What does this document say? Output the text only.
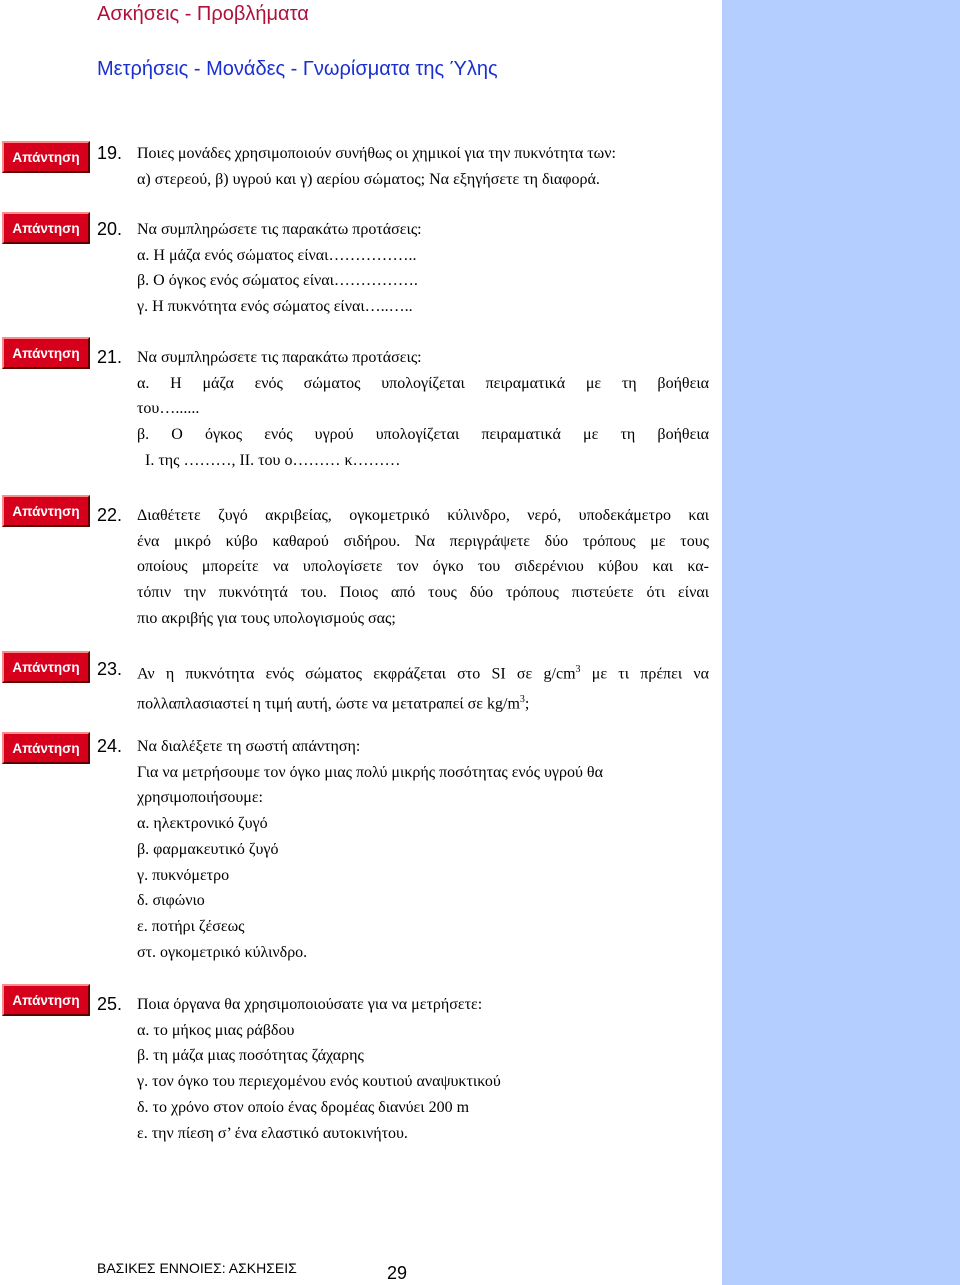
Ασκήσεις - Προβλήματα
Μετρήσεις - Μονάδες - Γνωρίσματα της Ύλης
Απάντηση
Απάντηση
Απάντηση
Απάντηση
Απάντηση
Απάντηση
Απάντηση
19. Ποιες μονάδες χρησιμοποιούν συνήθως οι χημικοί για την πυκνότητα των:
α) στερεού, β) υγρού και γ) αερίου σώματος; Να εξηγήσετε τη διαφορά.
20. Να συμπληρώσετε τις παρακάτω προτάσεις:
α. Η μάζα ενός σώματος είναι……………..
β. Ο όγκος ενός σώματος είναι…………….
γ. Η πυκνότητα ενός σώματος είναι…..…..
21. Να συμπληρώσετε τις παρακάτω προτάσεις:
α. Η μάζα ενός σώματος υπολογίζεται πειραματικά με τη βοήθεια
του…......
β. Ο όγκος ενός υγρού υπολογίζεται πειραματικά με τη βοήθεια
Ι. της ………, ΙΙ. του ο……… κ………
22. Διαθέτετε ζυγό ακριβείας, ογκομετρικό κύλινδρο, νερό, υποδεκάμετρο και
ένα μικρό κύβο καθαρού σιδήρου. Να περιγράψετε δύο τρόπους με τους
οποίους μπορείτε να υπολογίσετε τον όγκο του σιδερένιου κύβου και κα-
τόπιν την πυκνότητά του. Ποιος από τους δύο τρόπους πιστεύετε ότι είναι
πιο ακριβής για τους υπολογισμούς σας;
23. Αν η πυκνότητα ενός σώματος εκφράζεται στο SI σε $g/cm^3$ με τι πρέπει να
πολλαπλασιαστεί η τιμή αυτή, ώστε να μετατραπεί σε $kg/m^3$;
24. Να διαλέξετε τη σωστή απάντηση:
Για να μετρήσουμε τον όγκο μιας πολύ μικρής ποσότητας ενός υγρού θα
χρησιμοποιήσουμε:
α. ηλεκτρονικό ζυγό
β. φαρμακευτικό ζυγό
γ. πυκνόμετρο
δ. σιφώνιο
ε. ποτήρι ζέσεως
στ. ογκομετρικό κύλινδρο.
25. Ποια όργανα θα χρησιμοποιούσατε για να μετρήσετε:
α. το μήκος μιας ράβδου
β. τη μάζα μιας ποσότητας ζάχαρης
γ. τον όγκο του περιεχομένου ενός κουτιού αναψυκτικού
δ. το χρόνο στον οποίο ένας δρομέας διανύει 200 m
ε. την πίεση σ’ ένα ελαστικό αυτοκινήτου.
ΒΑΣΙΚΕΣ ΕΝΝΟΙΕΣ: ΑΣΚΗΣΕΙΣ	29
